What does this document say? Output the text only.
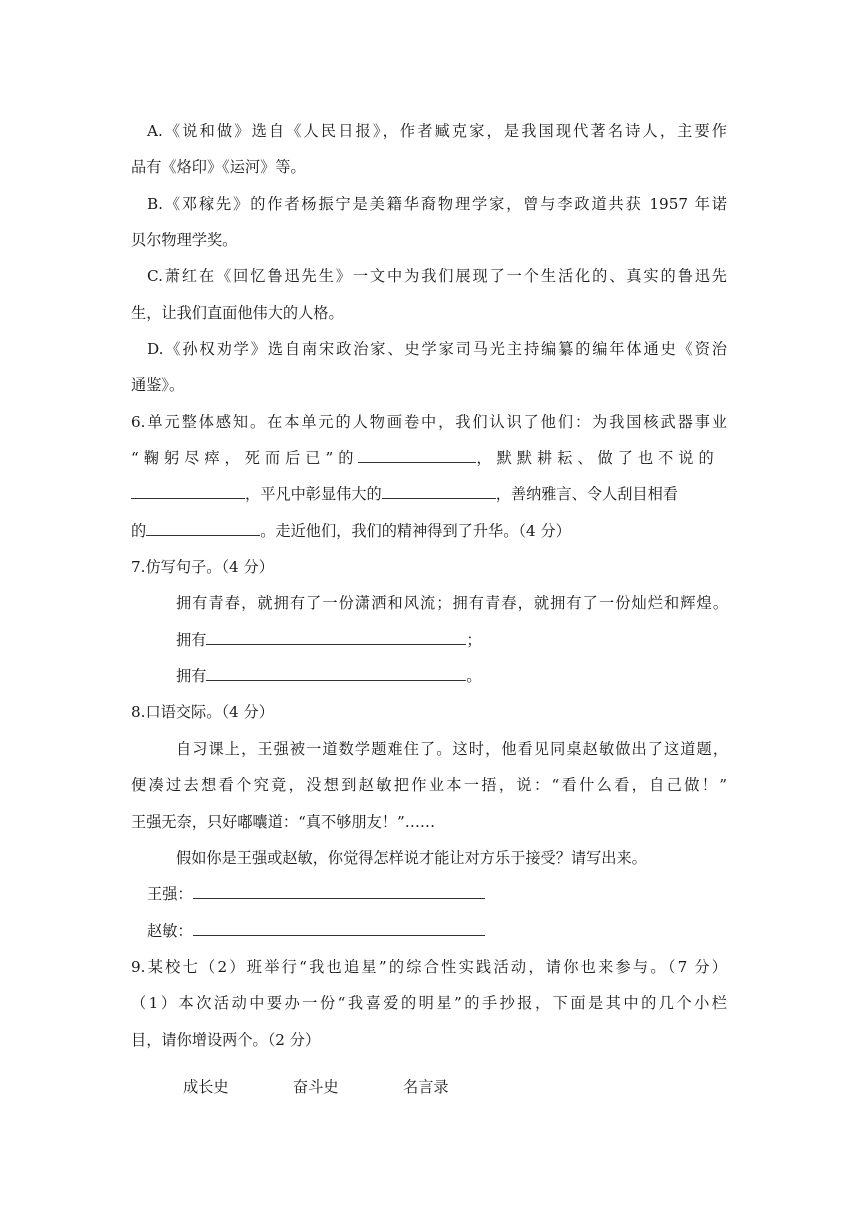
A.《说和做》选自《人民日报》，作者臧克家，是我国现代著名诗人，主要作

品有《烙印》《运河》等。

B.《邓稼先》的作者杨振宁是美籍华裔物理学家，曾与李政道共获 1957 年诺

贝尔物理学奖。

C.萧红在《回忆鲁迅先生》一文中为我们展现了一个生活化的、真实的鲁迅先

生，让我们直面他伟大的人格。

D.《孙权劝学》选自南宋政治家、史学家司马光主持编纂的编年体通史《资治

通鉴》。

6.单元整体感知。在本单元的人物画卷中，我们认识了他们：为我国核武器事业

“鞠躬尽瘁，死而后已”的	，默默耕耘、做了也不说的

，平凡中彰显伟大的	，善纳雅言、令人刮目相看

的	。走近他们，我们的精神得到了升华。（4 分）

7.仿写句子。（4 分）

拥有青春，就拥有了一份潇洒和风流；拥有青春，就拥有了一份灿烂和辉煌。

拥有	；

拥有	。

8.口语交际。（4 分）

自习课上，王强被一道数学题难住了。这时，他看见同桌赵敏做出了这道题，

便凑过去想看个究竟，没想到赵敏把作业本一捂，说：“看什么看，自己做！”

王强无奈，只好嘟囔道：“真不够朋友！”……

假如你是王强或赵敏，你觉得怎样说才能让对方乐于接受？请写出来。

王强：

赵敏：

9.某校七（2）班举行“我也追星”的综合性实践活动，请你也来参与。（7 分）

（1）本次活动中要办一份“我喜爱的明星”的手抄报，下面是其中的几个小栏

目，请你增设两个。（2 分）

成长史	奋斗史	名言录
